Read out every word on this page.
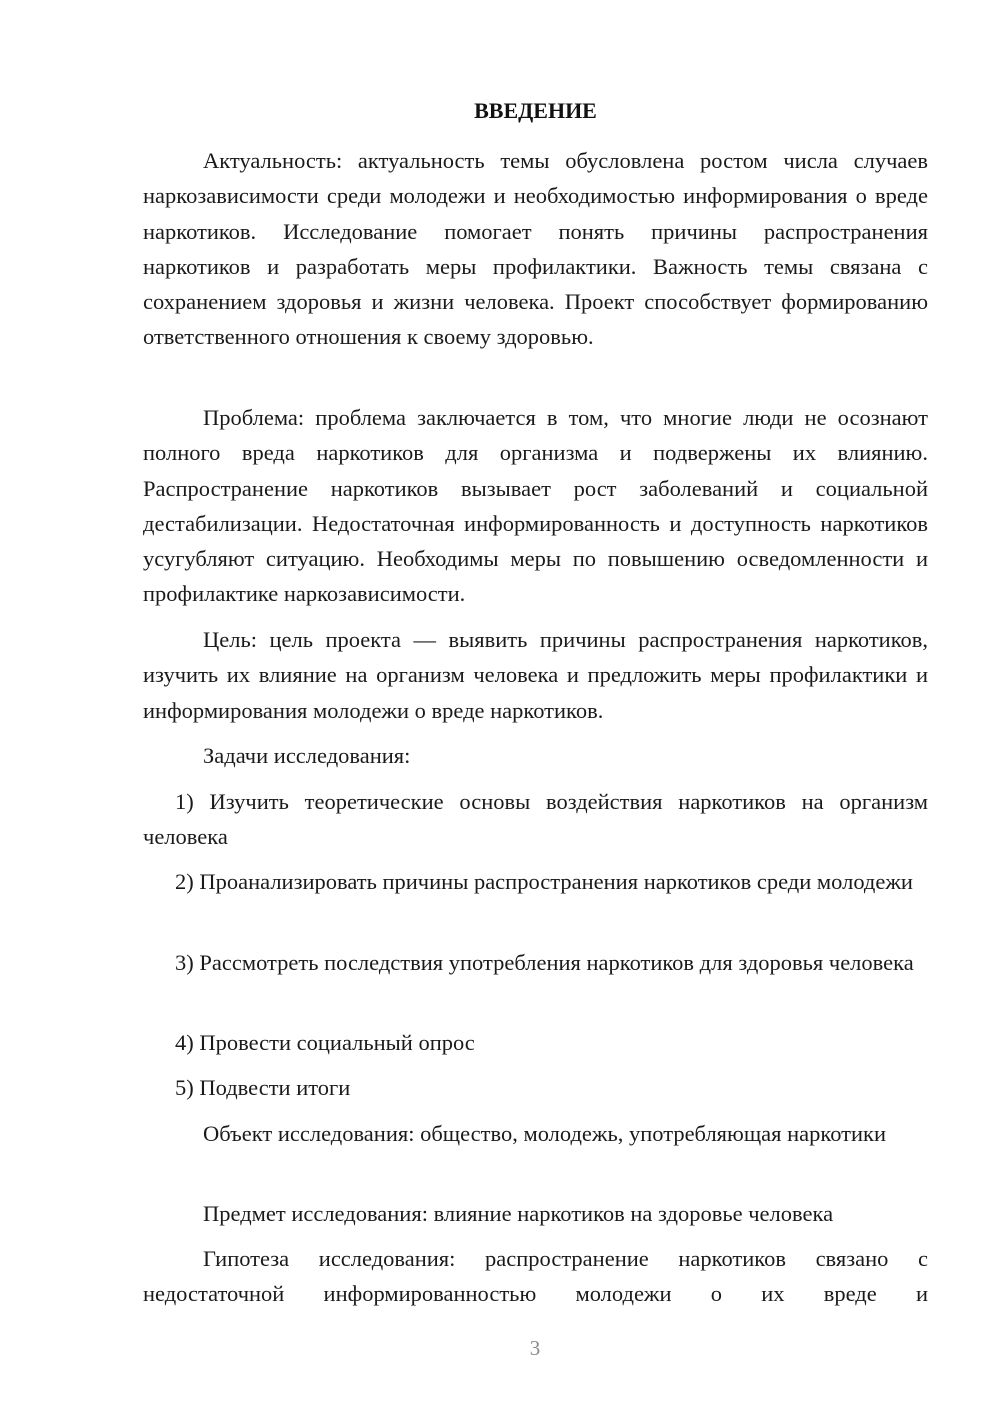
ВВЕДЕНИЕ

Актуальность: актуальность темы обусловлена ростом числа случаев наркозависимости среди молодежи и необходимостью информирования о вреде наркотиков. Исследование помогает понять причины распространения наркотиков и разработать меры профилактики. Важность темы связана с сохранением здоровья и жизни человека. Проект способствует формированию ответственного отношения к своему здоровью.

Проблема: проблема заключается в том, что многие люди не осознают полного вреда наркотиков для организма и подвержены их влиянию. Распространение наркотиков вызывает рост заболеваний и социальной дестабилизации. Недостаточная информированность и доступность наркотиков усугубляют ситуацию. Необходимы меры по повышению осведомленности и профилактике наркозависимости.

Цель: цель проекта — выявить причины распространения наркотиков, изучить их влияние на организм человека и предложить меры профилактики и информирования молодежи о вреде наркотиков.

Задачи исследования:

1) Изучить теоретические основы воздействия наркотиков на организм человека

2) Проанализировать причины распространения наркотиков среди молодежи

3) Рассмотреть последствия употребления наркотиков для здоровья человека

4) Провести социальный опрос
5) Подвести итоги

Объект исследования: общество, молодежь, употребляющая наркотики

Предмет исследования: влияние наркотиков на здоровье человека

Гипотеза исследования: распространение наркотиков связано с недостаточной информированностью молодежи о их вреде и

3
